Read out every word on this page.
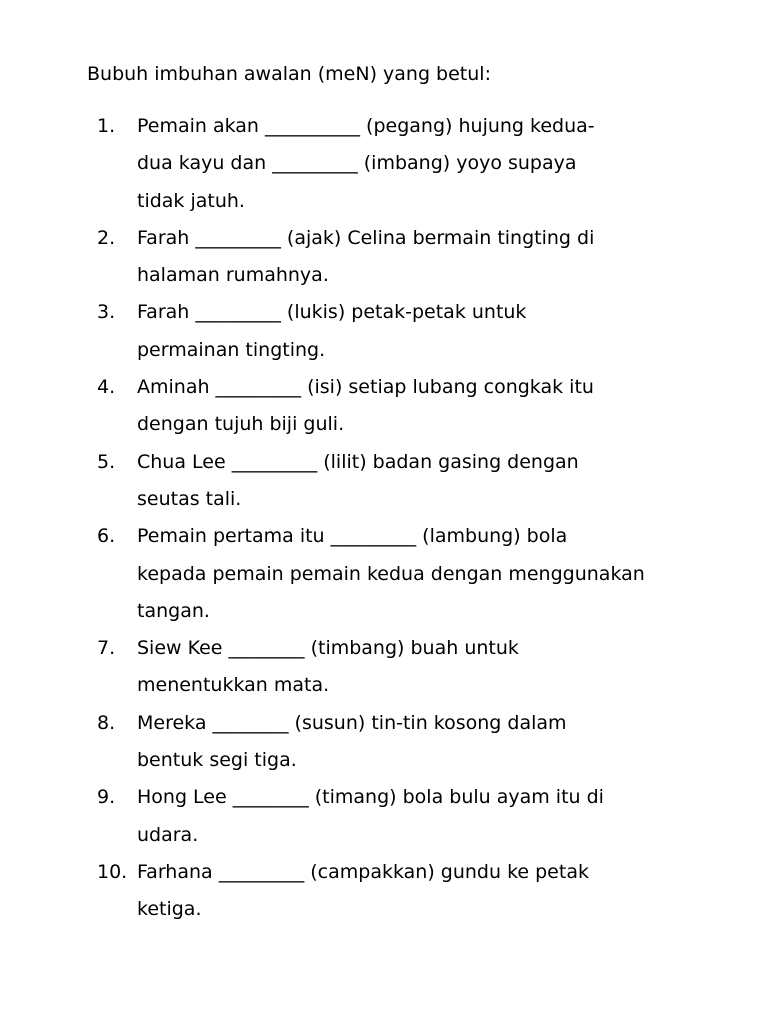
Bubuh imbuhan awalan (meN) yang betul:
1. Pemain akan __________ (pegang) hujung kedua-
dua kayu dan _________ (imbang) yoyo supaya
tidak jatuh.
2. Farah _________ (ajak) Celina bermain tingting di
halaman rumahnya.
3. Farah _________ (lukis) petak-petak untuk
permainan tingting.
4. Aminah _________ (isi) setiap lubang congkak itu
dengan tujuh biji guli.
5. Chua Lee _________ (lilit) badan gasing dengan
seutas tali.
6. Pemain pertama itu _________ (lambung) bola
kepada pemain pemain kedua dengan menggunakan
tangan.
7. Siew Kee ________ (timbang) buah untuk
menentukkan mata.
8. Mereka ________ (susun) tin-tin kosong dalam
bentuk segi tiga.
9. Hong Lee ________ (timang) bola bulu ayam itu di
udara.
10. Farhana _________ (campakkan) gundu ke petak
ketiga.
